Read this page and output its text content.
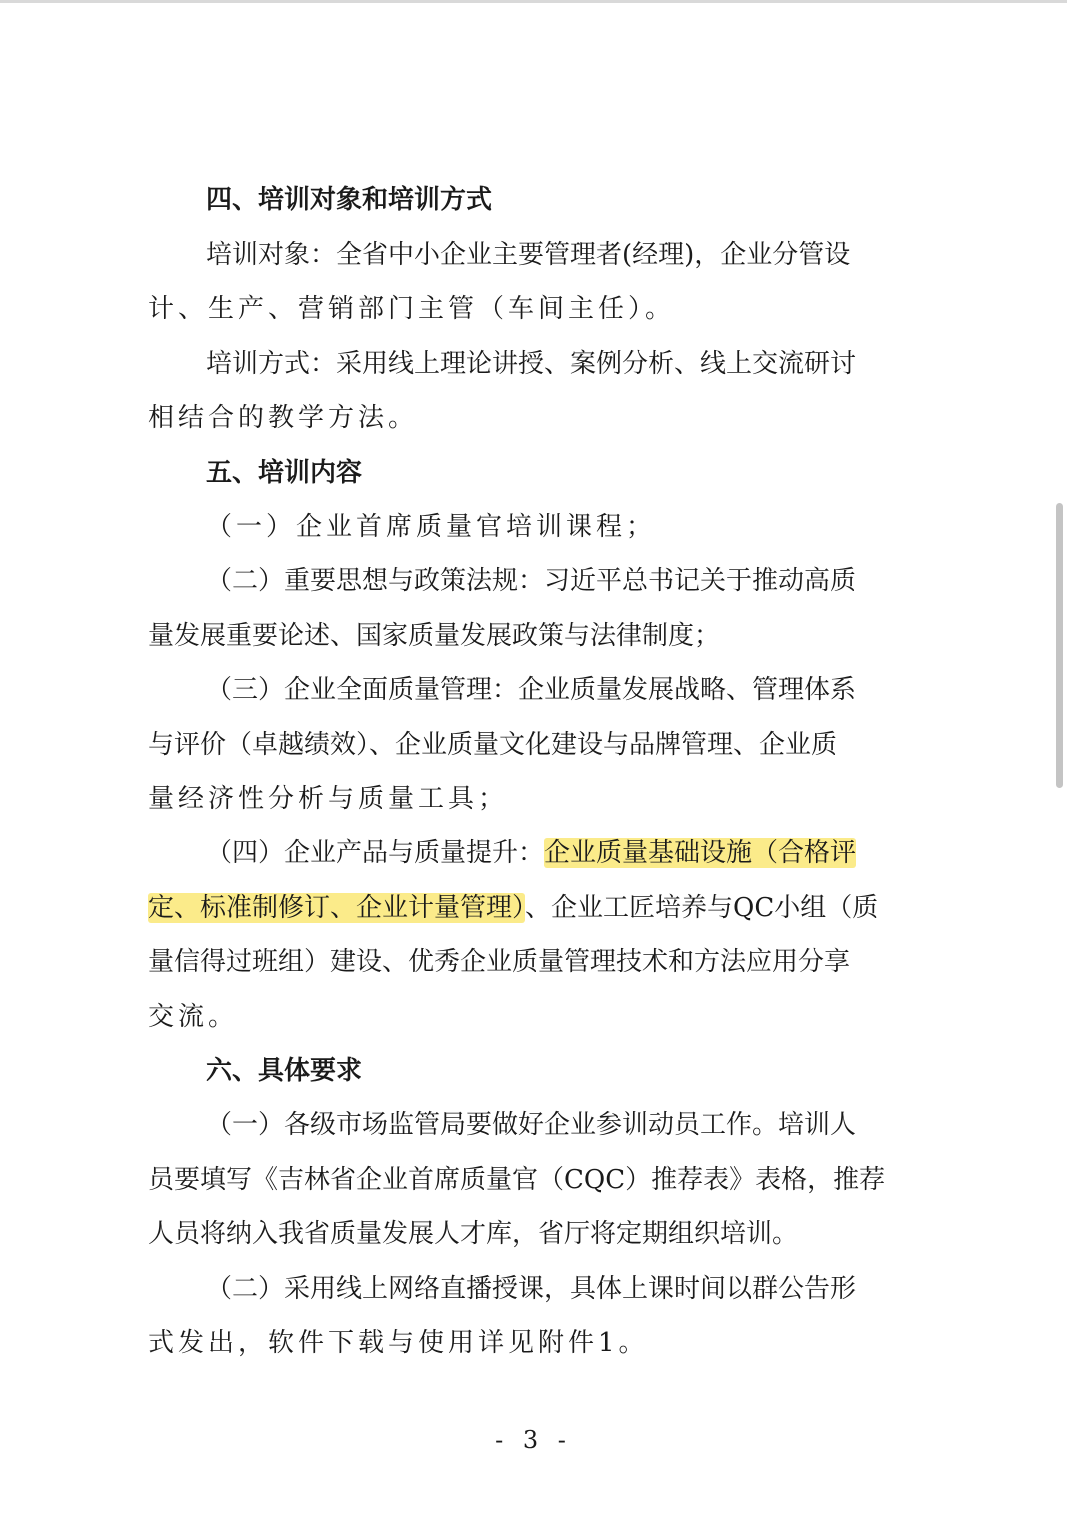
四、培训对象和培训方式
培训对象：全省中小企业主要管理者(经理)，企业分管设
计、生产、营销部门主管（车间主任）。
培训方式：采用线上理论讲授、案例分析、线上交流研讨
相结合的教学方法。
五、培训内容
（一）企业首席质量官培训课程；
（二）重要思想与政策法规：习近平总书记关于推动高质
量发展重要论述、国家质量发展政策与法律制度；
（三）企业全面质量管理：企业质量发展战略、管理体系
与评价（卓越绩效）、企业质量文化建设与品牌管理、企业质
量经济性分析与质量工具；
（四）企业产品与质量提升：企业质量基础设施（合格评
定、标准制修订、企业计量管理）、企业工匠培养与QC小组（质
量信得过班组）建设、优秀企业质量管理技术和方法应用分享
交流。
六、具体要求
（一）各级市场监管局要做好企业参训动员工作。培训人
员要填写《吉林省企业首席质量官（CQC）推荐表》表格，推荐
人员将纳入我省质量发展人才库，省厅将定期组织培训。
（二）采用线上网络直播授课，具体上课时间以群公告形
式发出，软件下载与使用详见附件1。
- 3 -
